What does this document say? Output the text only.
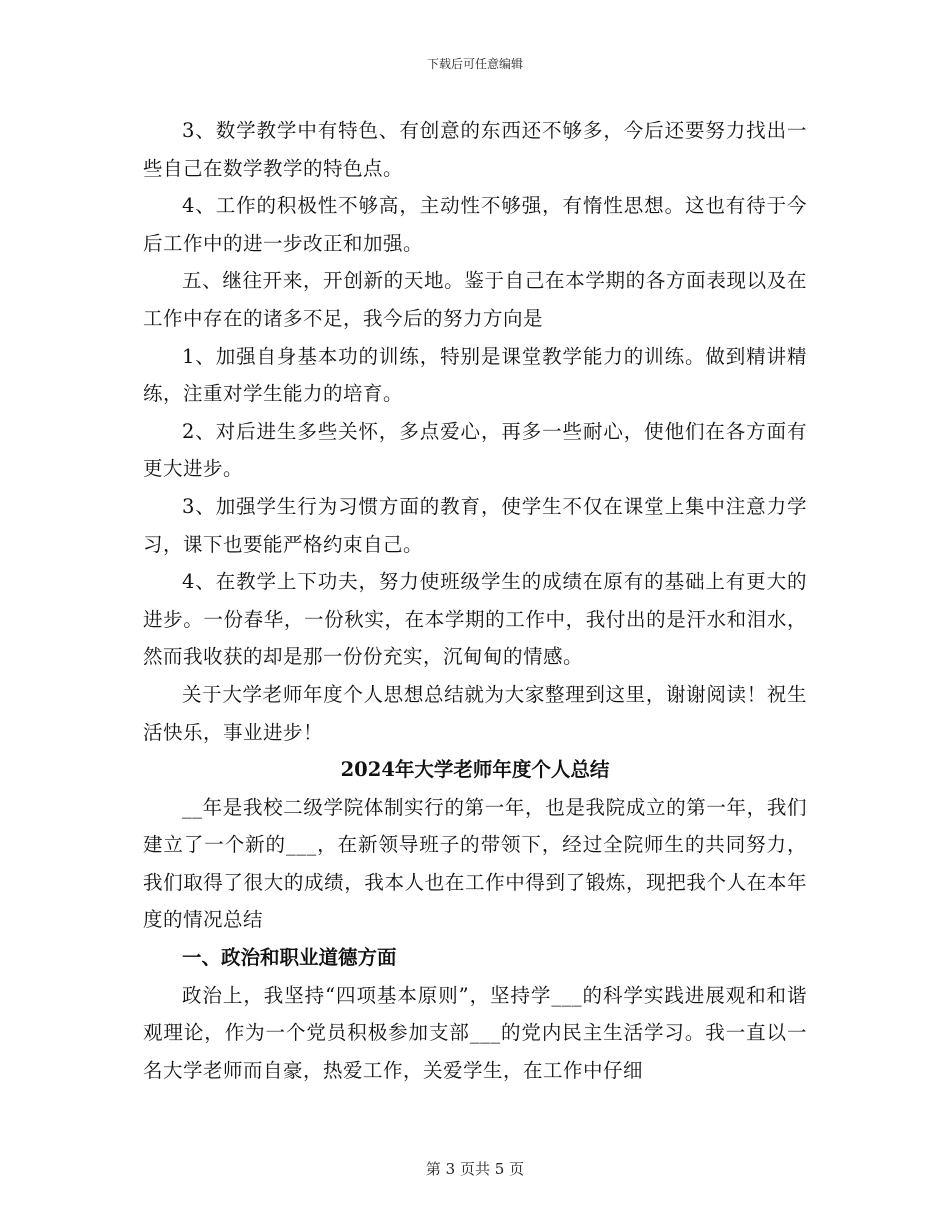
下载后可任意编辑

3、数学教学中有特色、有创意的东西还不够多，今后还要努力找出一些自己在数学教学的特色点。

4、工作的积极性不够高，主动性不够强，有惰性思想。这也有待于今后工作中的进一步改正和加强。

五、继往开来，开创新的天地。鉴于自己在本学期的各方面表现以及在工作中存在的诸多不足，我今后的努力方向是

1、加强自身基本功的训练，特别是课堂教学能力的训练。做到精讲精练，注重对学生能力的培育。

2、对后进生多些关怀，多点爱心，再多一些耐心，使他们在各方面有更大进步。

3、加强学生行为习惯方面的教育，使学生不仅在课堂上集中注意力学习，课下也要能严格约束自己。

4、在教学上下功夫，努力使班级学生的成绩在原有的基础上有更大的进步。一份春华，一份秋实，在本学期的工作中，我付出的是汗水和泪水，然而我收获的却是那一份份充实，沉甸甸的情感。

关于大学老师年度个人思想总结就为大家整理到这里，谢谢阅读！祝生活快乐，事业进步！

2024年大学老师年度个人总结

__年是我校二级学院体制实行的第一年，也是我院成立的第一年，我们建立了一个新的___，在新领导班子的带领下，经过全院师生的共同努力，我们取得了很大的成绩，我本人也在工作中得到了锻炼，现把我个人在本年度的情况总结

一、政治和职业道德方面

政治上，我坚持“四项基本原则”，坚持学___的科学实践进展观和和谐观理论，作为一个党员积极参加支部___的党内民主生活学习。我一直以一名大学老师而自豪，热爱工作，关爱学生，在工作中仔细

第 3 页共 5 页
